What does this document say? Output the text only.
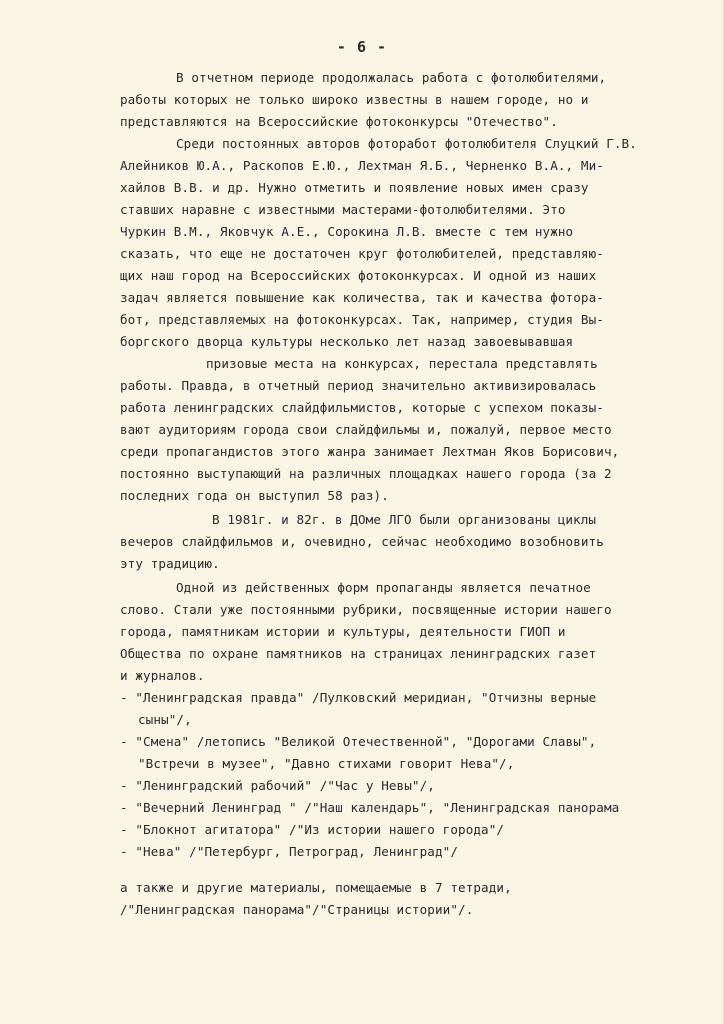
- 6 -
В отчетном периоде продолжалась работа с фотолюбителями,
работы которых не только широко известны в нашем городе, но и
представляются на Всероссийские фотоконкурсы "Отечество".
Среди постоянных авторов фоторабот фотолюбителя Слуцкий Г.В.
Алейников Ю.А., Раскопов Е.Ю., Лехтман Я.Б., Черненко В.А., Ми-
хайлов В.В. и др. Нужно отметить и появление новых имен сразу
ставших наравне с известными мастерами-фотолюбителями. Это
Чуркин В.М., Яковчук А.Е., Сорокина Л.В. вместе с тем нужно
сказать, что еще не достаточен круг фотолюбителей, представляю-
щих наш город на Всероссийских фотоконкурсах. И одной из наших
задач является повышение как количества, так и качества фоторa-
бот, представляемых на фотоконкурсах. Так, например, студия Вы-
боргского дворца культуры несколько лет назад завоевывавшая
призовые места на конкурсах, перестала представлять
работы. Правда, в отчетный период значительно активизировалась
работа ленинградских слайдфильмистов, которые с успехом показы-
вают аудиториям города свои слайдфильмы и, пожалуй, первое место
среди пропагандистов этого жанра занимает Лехтман Яков Борисович,
постоянно выступающий на различных площадках нашего города (за 2
последних года он выступил 58 раз).
В 1981г. и 82г. в ДОме ЛГО были организованы циклы
вечеров слайдфильмов и, очевидно, сейчас необходимо возобновить
эту традицию.
Одной из действенных форм пропаганды является печатное
слово. Стали уже постоянными рубрики, посвященные истории нашего
города, памятникам истории и культуры, деятельности ГИОП и
Общества по охране памятников на страницах ленинградских газет
и журналов.
- "Ленинградская правда" /Пулковский меридиан, "Отчизны верные
сыны"/,
- "Смена" /летопись "Великой Отечественной", "Дорогами Славы",
"Встречи в музее", "Давно стихами говорит Нева"/,
- "Ленинградский рабочий" /"Час у Невы"/,
- "Вечерний Ленинград " /"Наш календарь", "Ленинградская панорама
- "Блокнот агитатора" /"Из истории нашего города"/
- "Нева" /"Петербург, Петроград, Ленинград"/
а также и другие материалы, помещаемые в 7 тетради,
/"Ленинградская панорама"/"Страницы истории"/.
